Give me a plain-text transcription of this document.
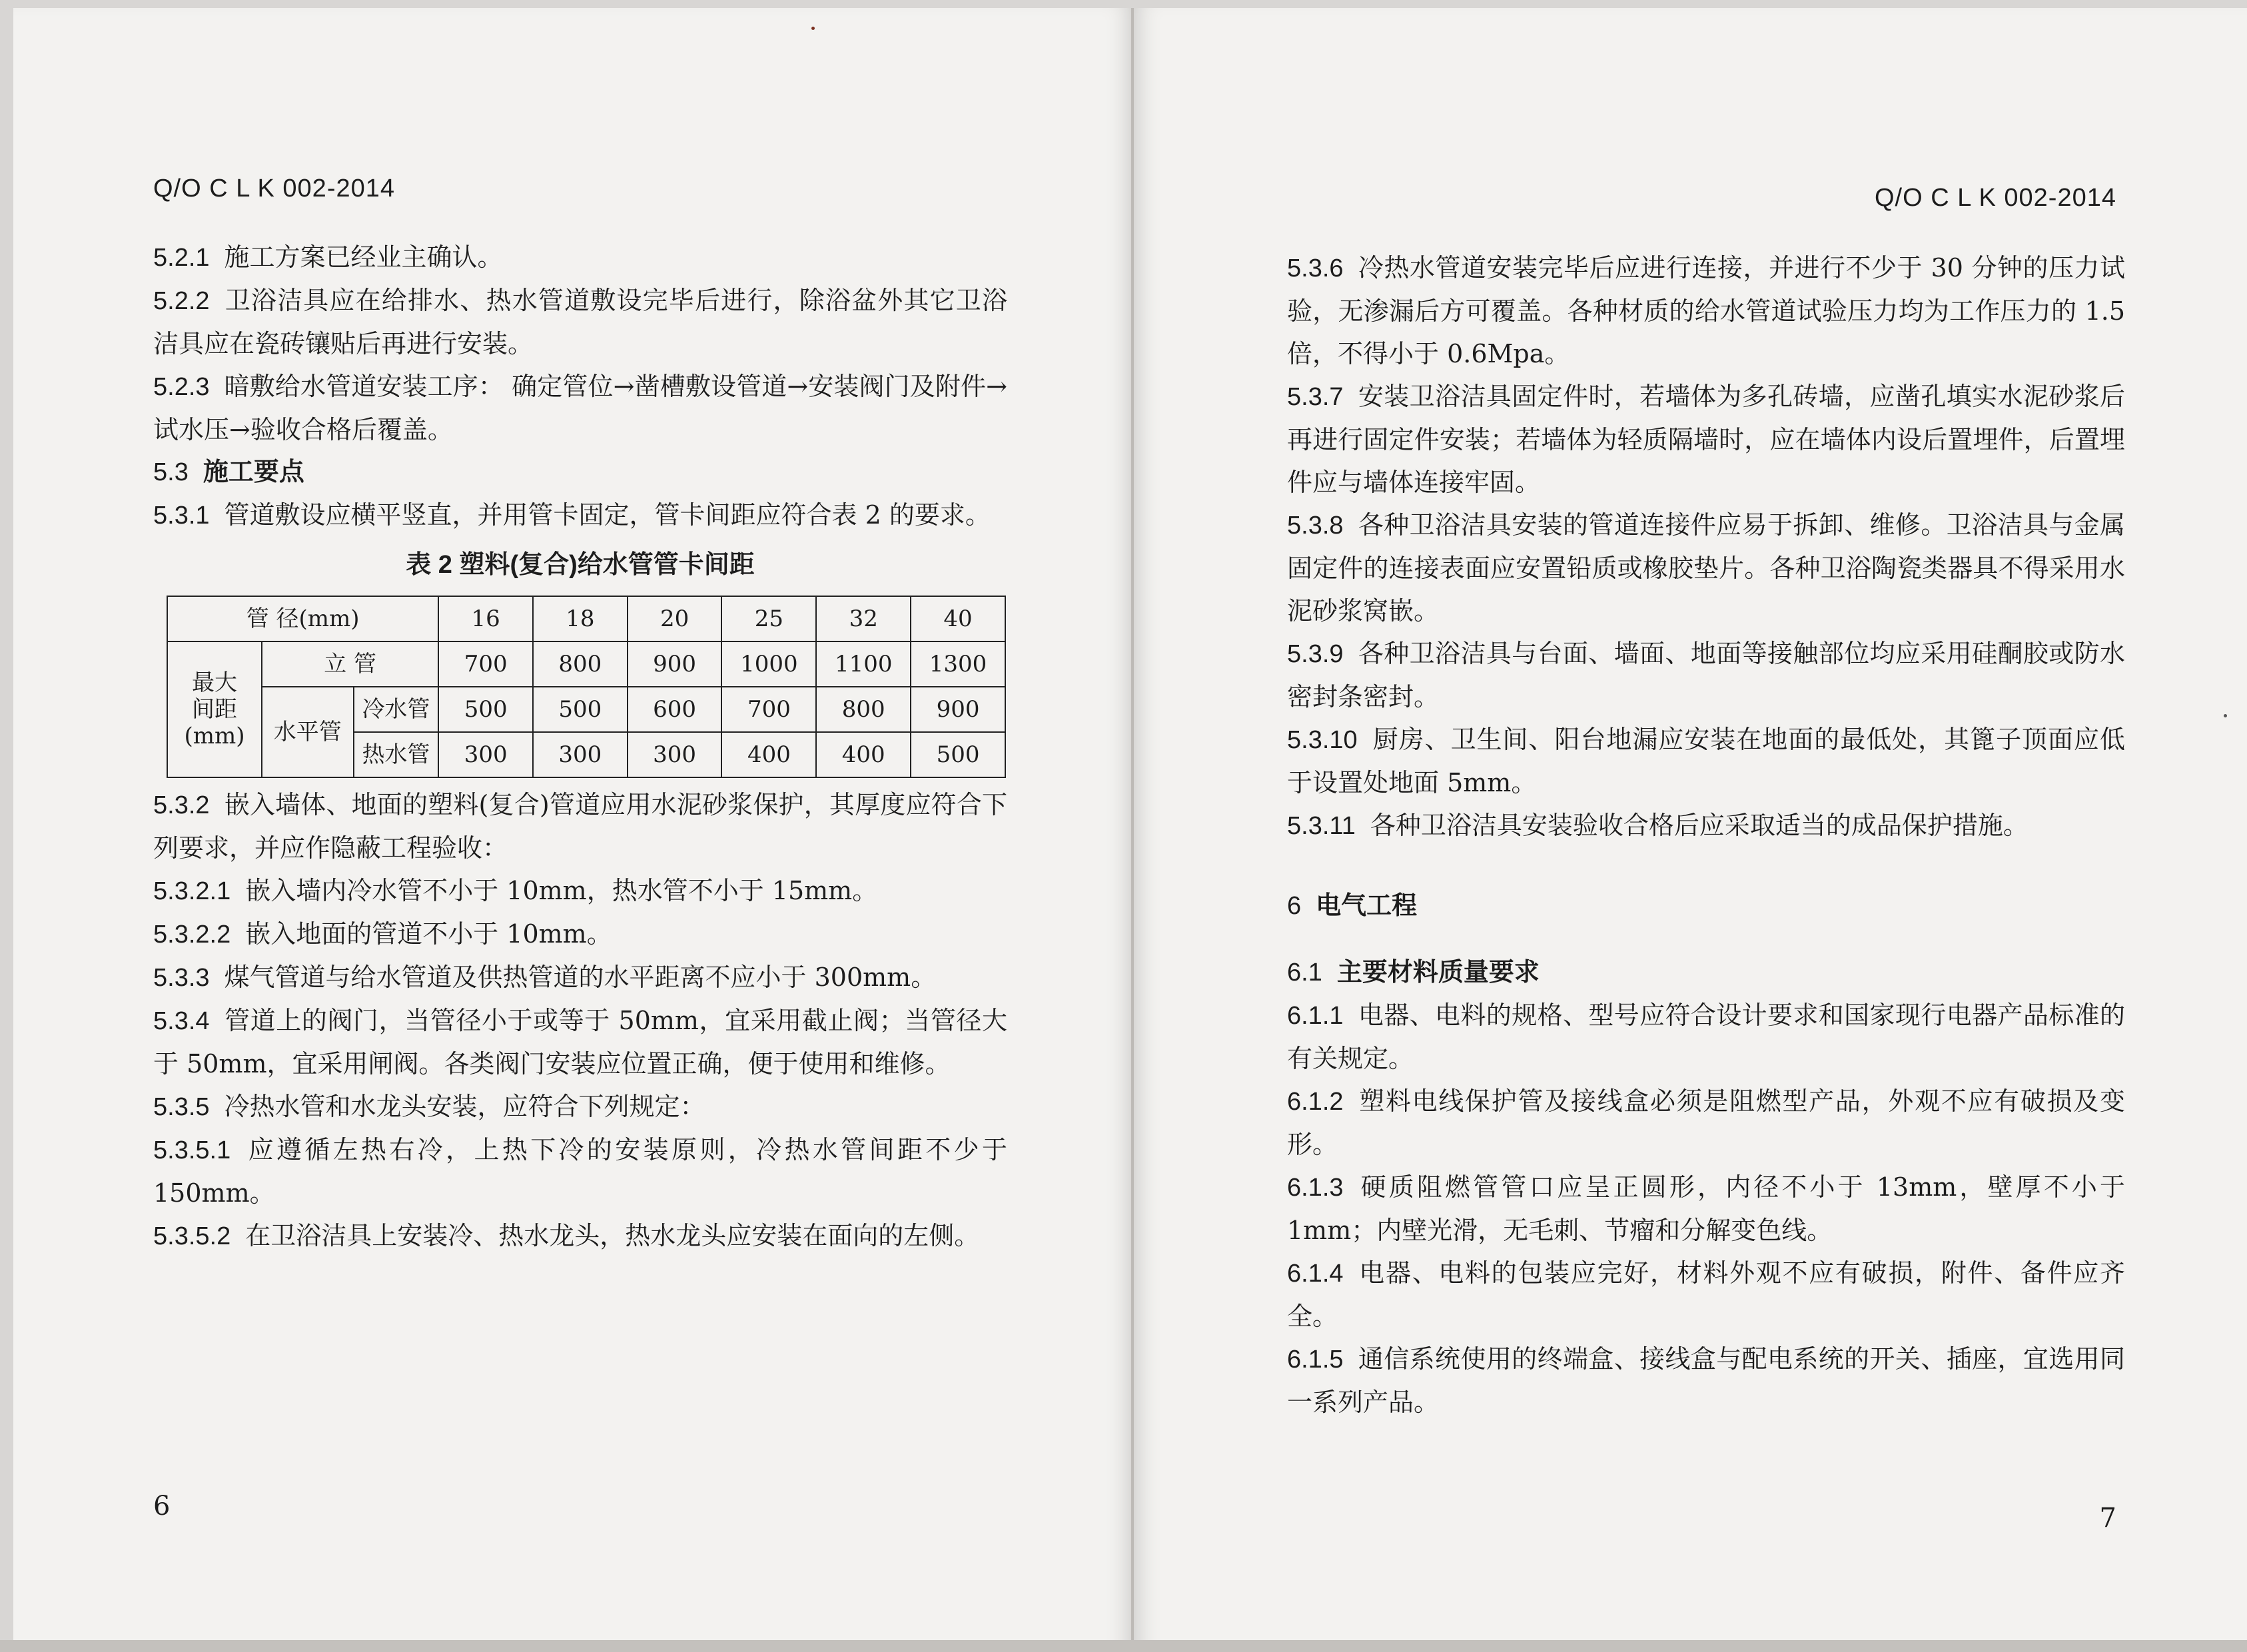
Q/O C L K 002-2014

5.2.1 施工方案已经业主确认。

5.2.2 卫浴洁具应在给排水、热水管道敷设完毕后进行，除浴盆外其它卫浴洁具应在瓷砖镶贴后再进行安装。

5.2.3 暗敷给水管道安装工序： 确定管位→凿槽敷设管道→安装阀门及附件→试水压→验收合格后覆盖。

5.3 施工要点

5.3.1 管道敷设应横平竖直，并用管卡固定，管卡间距应符合表 2 的要求。

表 2 塑料(复合)给水管管卡间距
管 径(mm)			16	18	20	25	32	40
最大间距(mm)	立 管		700	800	900	1000	1100	1300
	水平管	冷水管	500	500	600	700	800	900
		热水管	300	300	300	400	400	500

5.3.2 嵌入墙体、地面的塑料(复合)管道应用水泥砂浆保护，其厚度应符合下列要求，并应作隐蔽工程验收：

5.3.2.1 嵌入墙内冷水管不小于 10mm，热水管不小于 15mm。

5.3.2.2 嵌入地面的管道不小于 10mm。

5.3.3 煤气管道与给水管道及供热管道的水平距离不应小于 300mm。

5.3.4 管道上的阀门，当管径小于或等于 50mm，宜采用截止阀；当管径大于 50mm，宜采用闸阀。各类阀门安装应位置正确，便于使用和维修。

5.3.5 冷热水管和水龙头安装，应符合下列规定：

5.3.5.1 应遵循左热右冷，上热下冷的安装原则，冷热水管间距不少于 150mm。

5.3.5.2 在卫浴洁具上安装冷、热水龙头，热水龙头应安装在面向的左侧。

6
Q/O C L K 002-2014

5.3.6 冷热水管道安装完毕后应进行连接，并进行不少于 30 分钟的压力试验，无渗漏后方可覆盖。各种材质的给水管道试验压力均为工作压力的 1.5 倍，不得小于 0.6Mpa。

5.3.7 安装卫浴洁具固定件时，若墙体为多孔砖墙，应凿孔填实水泥砂浆后再进行固定件安装；若墙体为轻质隔墙时，应在墙体内设后置埋件，后置埋件应与墙体连接牢固。

5.3.8 各种卫浴洁具安装的管道连接件应易于拆卸、维修。卫浴洁具与金属固定件的连接表面应安置铅质或橡胶垫片。各种卫浴陶瓷类器具不得采用水泥砂浆窝嵌。

5.3.9 各种卫浴洁具与台面、墙面、地面等接触部位均应采用硅酮胶或防水密封条密封。

5.3.10 厨房、卫生间、阳台地漏应安装在地面的最低处，其篦子顶面应低于设置处地面 5mm。

5.3.11 各种卫浴洁具安装验收合格后应采取适当的成品保护措施。

6 电气工程

6.1 主要材料质量要求

6.1.1 电器、电料的规格、型号应符合设计要求和国家现行电器产品标准的有关规定。

6.1.2 塑料电线保护管及接线盒必须是阻燃型产品，外观不应有破损及变形。

6.1.3 硬质阻燃管管口应呈正圆形，内径不小于 13mm，壁厚不小于 1mm；内壁光滑，无毛刺、节瘤和分解变色线。

6.1.4 电器、电料的包装应完好，材料外观不应有破损，附件、备件应齐全。

6.1.5 通信系统使用的终端盒、接线盒与配电系统的开关、插座，宜选用同一系列产品。

7
